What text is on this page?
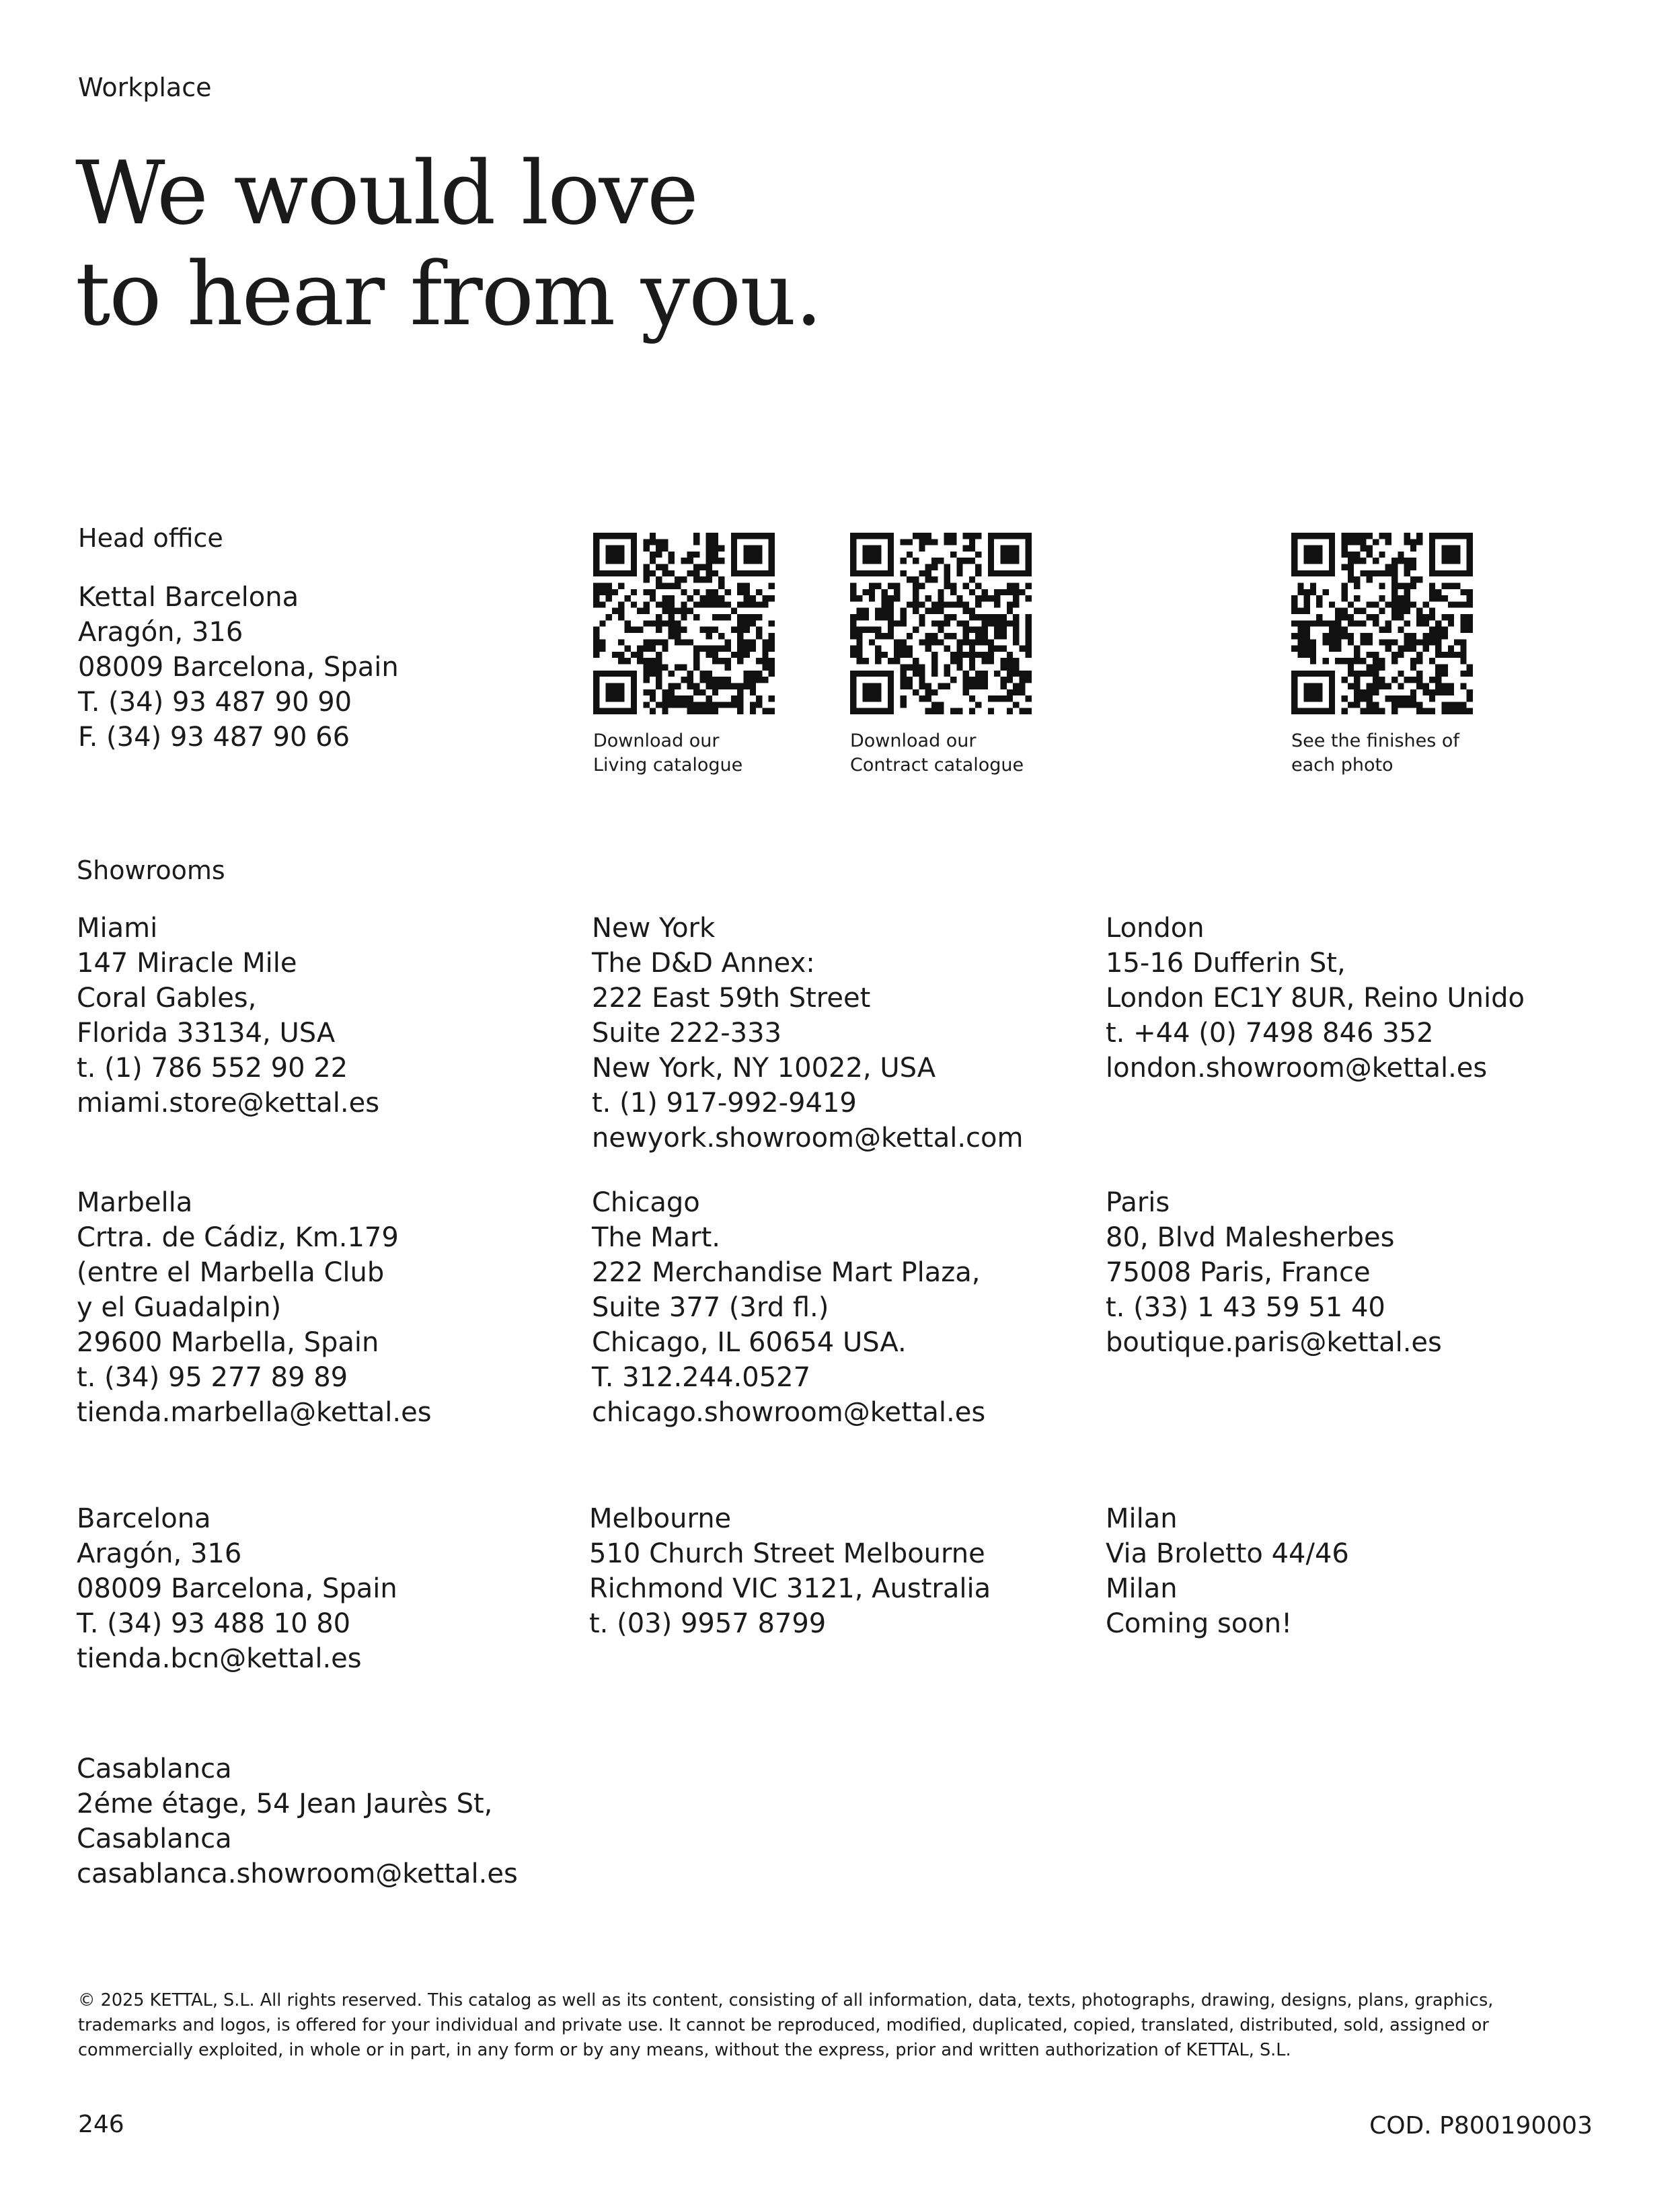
Workplace
We would love
to hear from you.
Head office
Kettal Barcelona
Aragón, 316
08009 Barcelona, Spain
T. (34) 93 487 90 90
F. (34) 93 487 90 66	Download our
Living catalogue
Download our
Contract catalogue
See the finishes of
each photo
Showrooms
Miami
147 Miracle Mile
Coral Gables,
Florida 33134, USA
t. (1) 786 552 90 22
miami.store@kettal.es
New York
The D&D Annex:
222 East 59th Street
Suite 222-333
New York, NY 10022, USA
t. (1) 917-992-9419
newyork.showroom@kettal.com
London
15-16 Dufferin St,
London EC1Y 8UR, Reino Unido
t. +44 (0) 7498 846 352
london.showroom@kettal.es
Marbella
Crtra. de Cádiz, Km.179
(entre el Marbella Club
y el Guadalpin)
29600 Marbella, Spain
t. (34) 95 277 89 89
tienda.marbella@kettal.es
Chicago
The Mart.
222 Merchandise Mart Plaza,
Suite 377 (3rd fl.)
Chicago, IL 60654 USA.
T. 312.244.0527
chicago.showroom@kettal.es
Paris
80, Blvd Malesherbes
75008 Paris, France
t. (33) 1 43 59 51 40
boutique.paris@kettal.es
Barcelona
Aragón, 316
08009 Barcelona, Spain
T. (34) 93 488 10 80
tienda.bcn@kettal.es
Melbourne
510 Church Street Melbourne
Richmond VIC 3121, Australia
t. (03) 9957 8799
Milan
Via Broletto 44/46
Milan
Coming soon!
Casablanca
2éme étage, 54 Jean Jaurès St,
Casablanca
casablanca.showroom@kettal.es
© 2025 KETTAL, S.L. All rights reserved. This catalog as well as its content, consisting of all information, data, texts, photographs, drawing, designs, plans, graphics,
trademarks and logos, is offered for your individual and private use. It cannot be reproduced, modified, duplicated, copied, translated, distributed, sold, assigned or
commercially exploited, in whole or in part, in any form or by any means, without the express, prior and written authorization of KETTAL, S.L.
246	COD. P800190003
